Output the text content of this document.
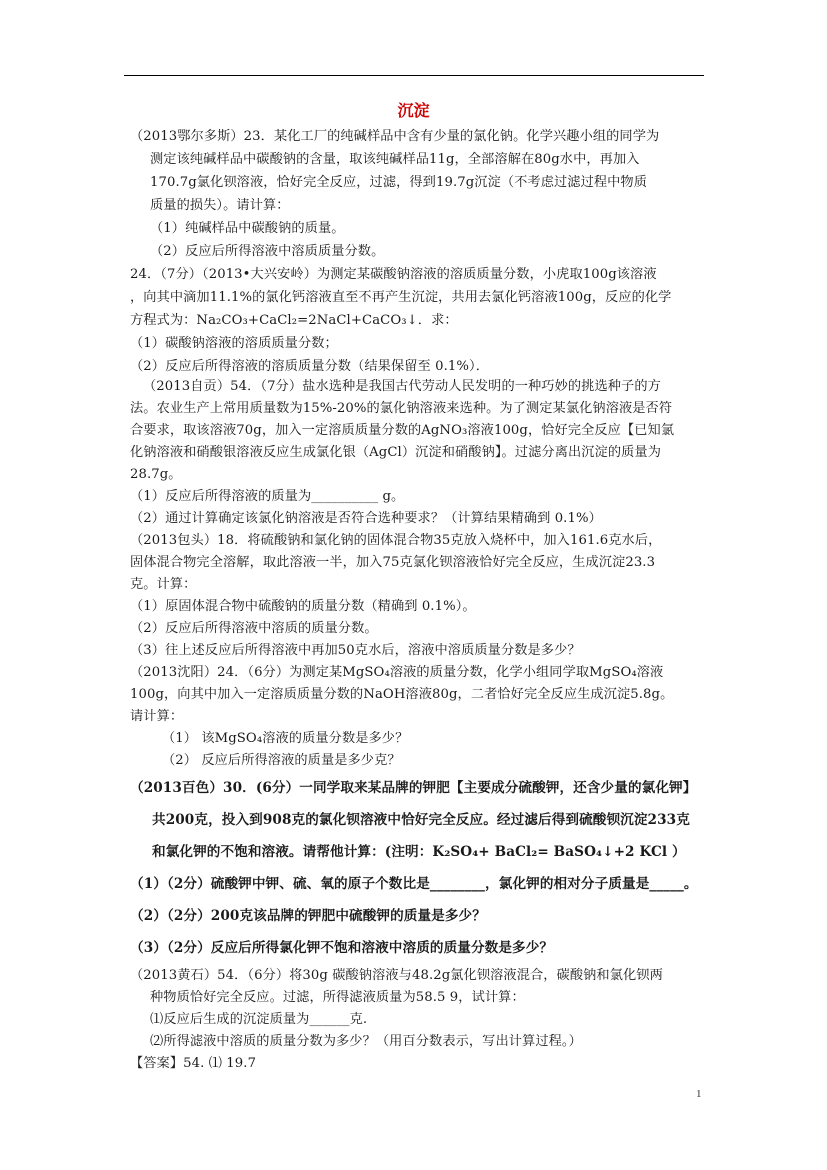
沉淀
（2013鄂尔多斯）23．某化工厂的纯碱样品中含有少量的氯化钠。化学兴趣小组的同学为
测定该纯碱样品中碳酸钠的含量，取该纯碱样品11g，全部溶解在80g水中，再加入
170.7g氯化钡溶液，恰好完全反应，过滤，得到19.7g沉淀（不考虑过滤过程中物质
质量的损失）。请计算：
（1）纯碱样品中碳酸钠的质量。
（2）反应后所得溶液中溶质质量分数。
24．（7分）（2013•大兴安岭）为测定某碳酸钠溶液的溶质质量分数，小虎取100g该溶液
，向其中滴加11.1%的氯化钙溶液直至不再产生沉淀，共用去氯化钙溶液100g，反应的化学
方程式为：Na₂CO₃+CaCl₂=2NaCl+CaCO₃↓．求：
（1）碳酸钠溶液的溶质质量分数；
（2）反应后所得溶液的溶质质量分数（结果保留至 0.1%）．
（2013自贡）54．（7分）盐水选种是我国古代劳动人民发明的一种巧妙的挑选种子的方
法。农业生产上常用质量数为15%-20%的氯化钠溶液来选种。为了测定某氯化钠溶液是否符
合要求，取该溶液70g，加入一定溶质质量分数的AgNO₃溶液100g，恰好完全反应【已知氯
化钠溶液和硝酸银溶液反应生成氯化银（AgCl）沉淀和硝酸钠】。过滤分离出沉淀的质量为
28.7g。
（1）反应后所得溶液的质量为__________ g。
（2）通过计算确定该氯化钠溶液是否符合选种要求？（计算结果精确到 0.1%）
（2013包头）18．将硫酸钠和氯化钠的固体混合物35克放入烧杯中，加入161.6克水后，
固体混合物完全溶解，取此溶液一半，加入75克氯化钡溶液恰好完全反应，生成沉淀23.3
克。计算：
（1）原固体混合物中硫酸钠的质量分数（精确到 0.1%）。
（2）反应后所得溶液中溶质的质量分数。
（3）往上述反应后所得溶液中再加50克水后，溶液中溶质质量分数是多少？
（2013沈阳）24．（6分）为测定某MgSO₄溶液的质量分数，化学小组同学取MgSO₄溶液
100g，向其中加入一定溶质质量分数的NaOH溶液80g，二者恰好完全反应生成沉淀5.8g。
请计算：
（1） 该MgSO₄溶液的质量分数是多少？
（2） 反应后所得溶液的质量是多少克？
（2013百色）30．(6分）一同学取来某品牌的钾肥【主要成分硫酸钾，还含少量的氯化钾】
共200克，投入到908克的氯化钡溶液中恰好完全反应。经过滤后得到硫酸钡沉淀233克
和氯化钾的不饱和溶液。请帮他计算：(注明：K₂SO₄+ BaCl₂= BaSO₄↓+2 KCl ）
（1）（2分）硫酸钾中钾、硫、氧的原子个数比是________，氯化钾的相对分子质量是_____。
（2）（2分）200克该品牌的钾肥中硫酸钾的质量是多少？
（3）（2分）反应后所得氯化钾不饱和溶液中溶质的质量分数是多少？
（2013黄石）54．（6分）将30g 碳酸钠溶液与48.2g氯化钡溶液混合，碳酸钠和氯化钡两
种物质恰好完全反应。过滤，所得滤液质量为58.5 9，试计算：
⑴反应后生成的沉淀质量为______克.
⑵所得滤液中溶质的质量分数为多少？（用百分数表示，写出计算过程。）
【答案】54. ⑴ 19.7
1
